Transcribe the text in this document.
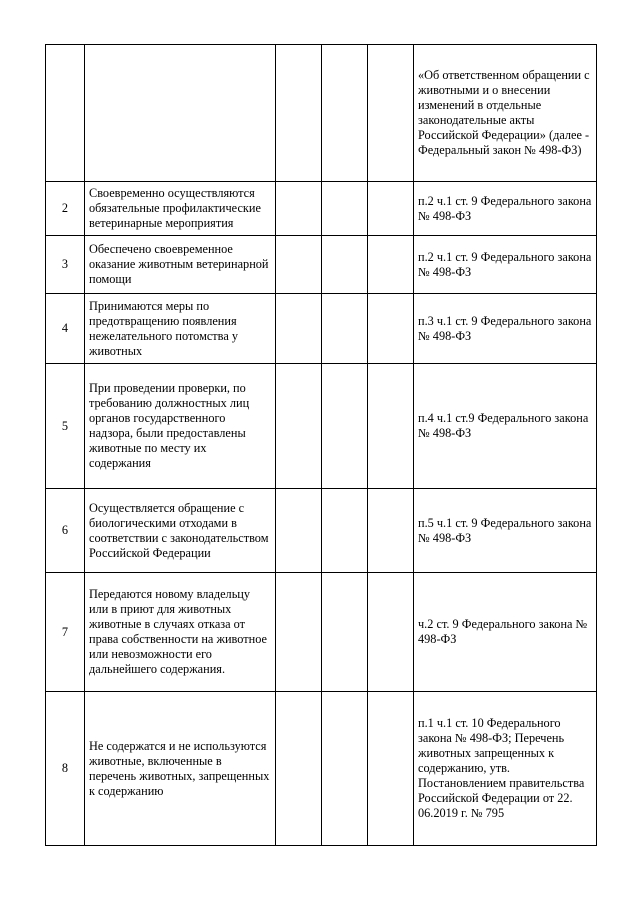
					«Об ответственном обращении с животными и о внесении изменений в отдельные законодательные акты Российской Федерации» (далее - Федеральный закон № 498-ФЗ)
2	Своевременно осуществляются обязательные профилактические ветеринарные мероприятия				п.2 ч.1 ст. 9 Федерального закона № 498-ФЗ
3	Обеспечено своевременное оказание животным ветеринарной помощи				п.2 ч.1 ст. 9 Федерального закона № 498-ФЗ
4	Принимаются меры по предотвращению появления нежелательного потомства у животных				п.3 ч.1 ст. 9 Федерального закона № 498-ФЗ
5	При проведении проверки, по требованию должностных лиц органов государственного надзора, были предоставлены животные по месту их содержания				п.4 ч.1 ст.9 Федерального закона № 498-ФЗ
6	Осуществляется обращение с биологическими отходами в соответствии с законодательством Российской Федерации				п.5 ч.1 ст. 9 Федерального закона № 498-ФЗ
7	Передаются новому владельцу или в приют для животных животные в случаях отказа от права собственности на животное или невозможности его дальнейшего содержания.				ч.2 ст. 9 Федерального закона № 498-ФЗ
8	Не содержатся и не используются животные, включенные в перечень животных, запрещенных к содержанию				п.1 ч.1 ст. 10 Федерального закона № 498-ФЗ; Перечень животных запрещенных к содержанию, утв. Постановлением правительства Российской Федерации от 22. 06.2019 г. № 795
